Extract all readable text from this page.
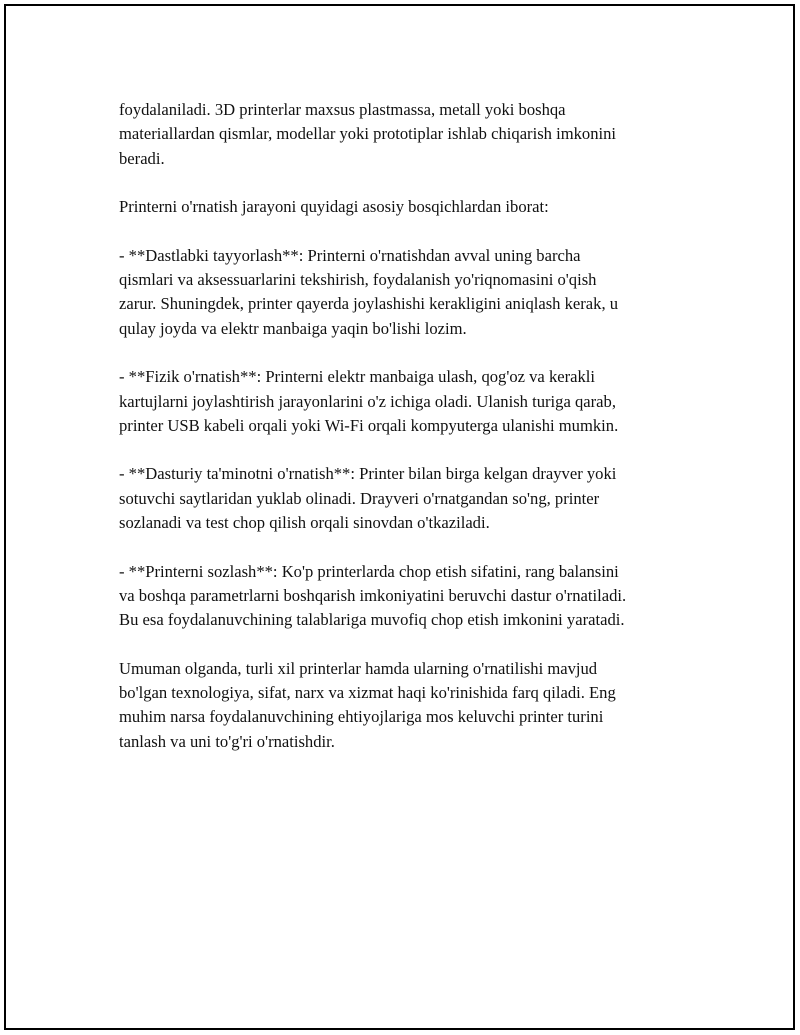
foydalaniladi. 3D printerlar maxsus plastmassa, metall yoki boshqa
materiallardan qismlar, modellar yoki prototiplar ishlab chiqarish imkonini
beradi.

Printerni o'rnatish jarayoni quyidagi asosiy bosqichlardan iborat:

- **Dastlabki tayyorlash**: Printerni o'rnatishdan avval uning barcha
qismlari va aksessuarlarini tekshirish, foydalanish yo'riqnomasini o'qish
zarur. Shuningdek, printer qayerda joylashishi kerakligini aniqlash kerak, u
qulay joyda va elektr manbaiga yaqin bo'lishi lozim.

- **Fizik o'rnatish**: Printerni elektr manbaiga ulash, qog'oz va kerakli
kartujlarni joylashtirish jarayonlarini o'z ichiga oladi. Ulanish turiga qarab,
printer USB kabeli orqali yoki Wi-Fi orqali kompyuterga ulanishi mumkin.

- **Dasturiy ta'minotni o'rnatish**: Printer bilan birga kelgan drayver yoki
sotuvchi saytlaridan yuklab olinadi. Drayveri o'rnatgandan so'ng, printer
sozlanadi va test chop qilish orqali sinovdan o'tkaziladi.

- **Printerni sozlash**: Ko'p printerlarda chop etish sifatini, rang balansini
va boshqa parametrlarni boshqarish imkoniyatini beruvchi dastur o'rnatiladi.
Bu esa foydalanuvchining talablariga muvofiq chop etish imkonini yaratadi.

Umuman olganda, turli xil printerlar hamda ularning o'rnatilishi mavjud
bo'lgan texnologiya, sifat, narx va xizmat haqi ko'rinishida farq qiladi. Eng
muhim narsa foydalanuvchining ehtiyojlariga mos keluvchi printer turini
tanlash va uni to'g'ri o'rnatishdir.
